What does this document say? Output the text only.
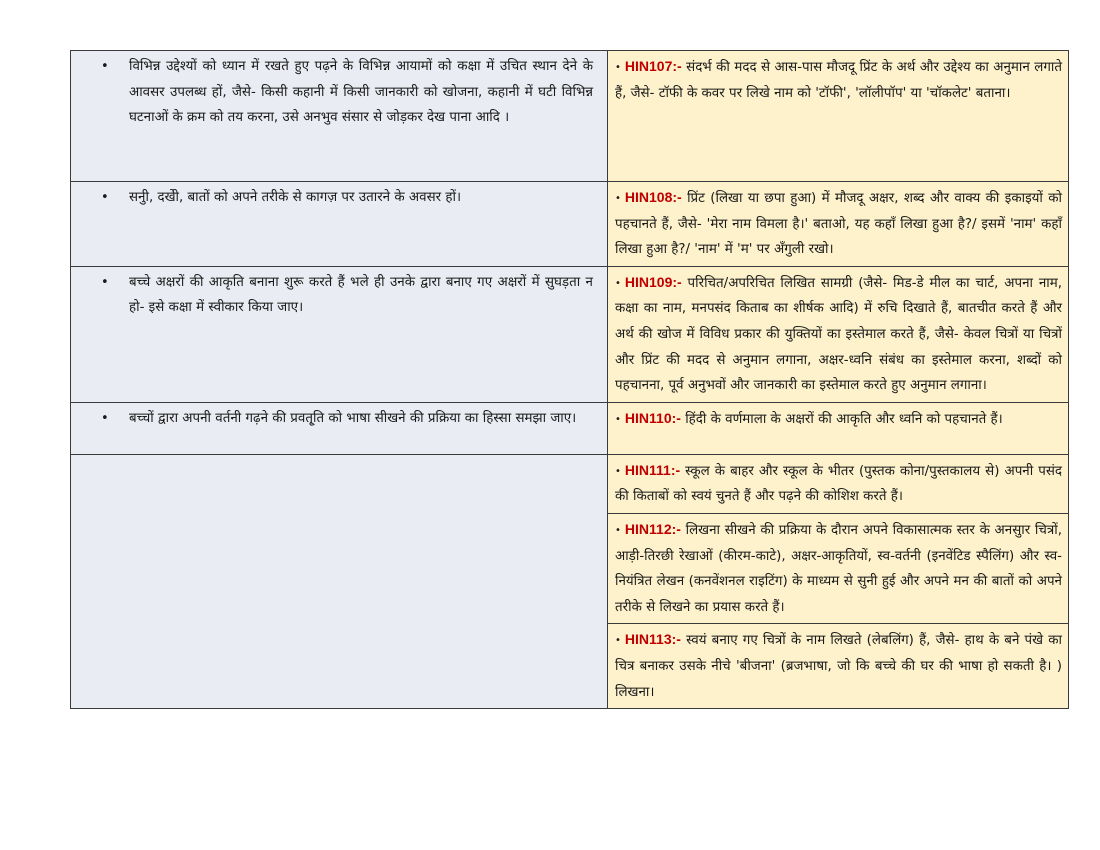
• विभिन्न उद्देश्यों को ध्यान में रखते हुए पढ़ने के विभिन्न आयामों को कक्षा में उचित स्थान देने के आवसर उपलब्ध हों, जैसे- किसी कहानी में किसी जानकारी को खोजना, कहानी में घटी विभिन्न घटनाओं के क्रम को तय करना, उसे अनभुव संसार से जोड़कर देख पाना आदि ।	• HIN107:- संदर्भ की मदद से आस-पास मौजदू प्रिंट के अर्थ और उद्देश्य का अनुमान लगाते हैं, जैसे- टॉफी के कवर पर लिखे नाम को 'टॉफी', 'लॉलीपॉप' या 'चॉकलेट' बताना।

• सनुी, दखेी, बातों को अपने तरीके से कागज़ पर उतारने के अवसर हों।	• HIN108:- प्रिंट (लिखा या छपा हुआ) में मौजदू अक्षर, शब्द और वाक्य की इकाइयों को पहचानते हैं, जैसे- 'मेरा नाम विमला है।' बताओ, यह कहाँ लिखा हुआ है?/ इसमें 'नाम' कहाँ लिखा हुआ है?/ 'नाम' में 'म' पर अँगुली रखो।

• बच्चे अक्षरों की आकृति बनाना शुरू करते हैं भले ही उनके द्वारा बनाए गए अक्षरों में सुघड़ता न हो- इसे कक्षा में स्वीकार किया जाए।	• HIN109:- परिचित/अपरिचित लिखित सामग्री (जैसे- मिड-डे मील का चार्ट, अपना नाम, कक्षा का नाम, मनपसंद किताब का शीर्षक आदि) में रुचि दिखाते हैं, बातचीत करते हैं और अर्थ की खोज में विविध प्रकार की युक्तियों का इस्तेमाल करते हैं, जैसे- केवल चित्रों या चित्रों और प्रिंट की मदद से अनुमान लगाना, अक्षर-ध्वनि संबंध का इस्तेमाल करना, शब्दों को पहचानना, पूर्व अनुभवों और जानकारी का इस्तेमाल करते हुए अनुमान लगाना।

• बच्चों द्वारा अपनी वर्तनी गढ़ने की प्रवतृ्ति को भाषा सीखने की प्रक्रिया का हिस्सा समझा जाए।	• HIN110:- हिंदी के वर्णमाला के अक्षरों की आकृति और ध्वनि को पहचानते हैं।

	• HIN111:- स्कूल के बाहर और स्कूल के भीतर (पुस्तक कोना/पुस्तकालय से) अपनी पसंद की किताबों को स्वयं चुनते हैं और पढ़ने की कोशिश करते हैं।

	• HIN112:- लिखना सीखने की प्रक्रिया के दौरान अपने विकासात्मक स्तर के अनसुार चित्रों, आड़ी-तिरछी रेखाओं (कीरम-काटे), अक्षर-आकृतियों, स्व-वर्तनी (इनवेंटिड स्पैलिंग) और स्व-नियंत्रित लेखन (कनवेंशनल राइटिंग) के माध्यम से सुनी हुई और अपने मन की बातों को अपने तरीके से लिखने का प्रयास करते हैं।

	• HIN113:- स्वयं बनाए गए चित्रों के नाम लिखते (लेबलिंग) हैं, जैसे- हाथ के बने पंखे का चित्र बनाकर उसके नीचे 'बीजना' (ब्रजभाषा, जो कि बच्चे की घर की भाषा हो सकती है। ) लिखना।
